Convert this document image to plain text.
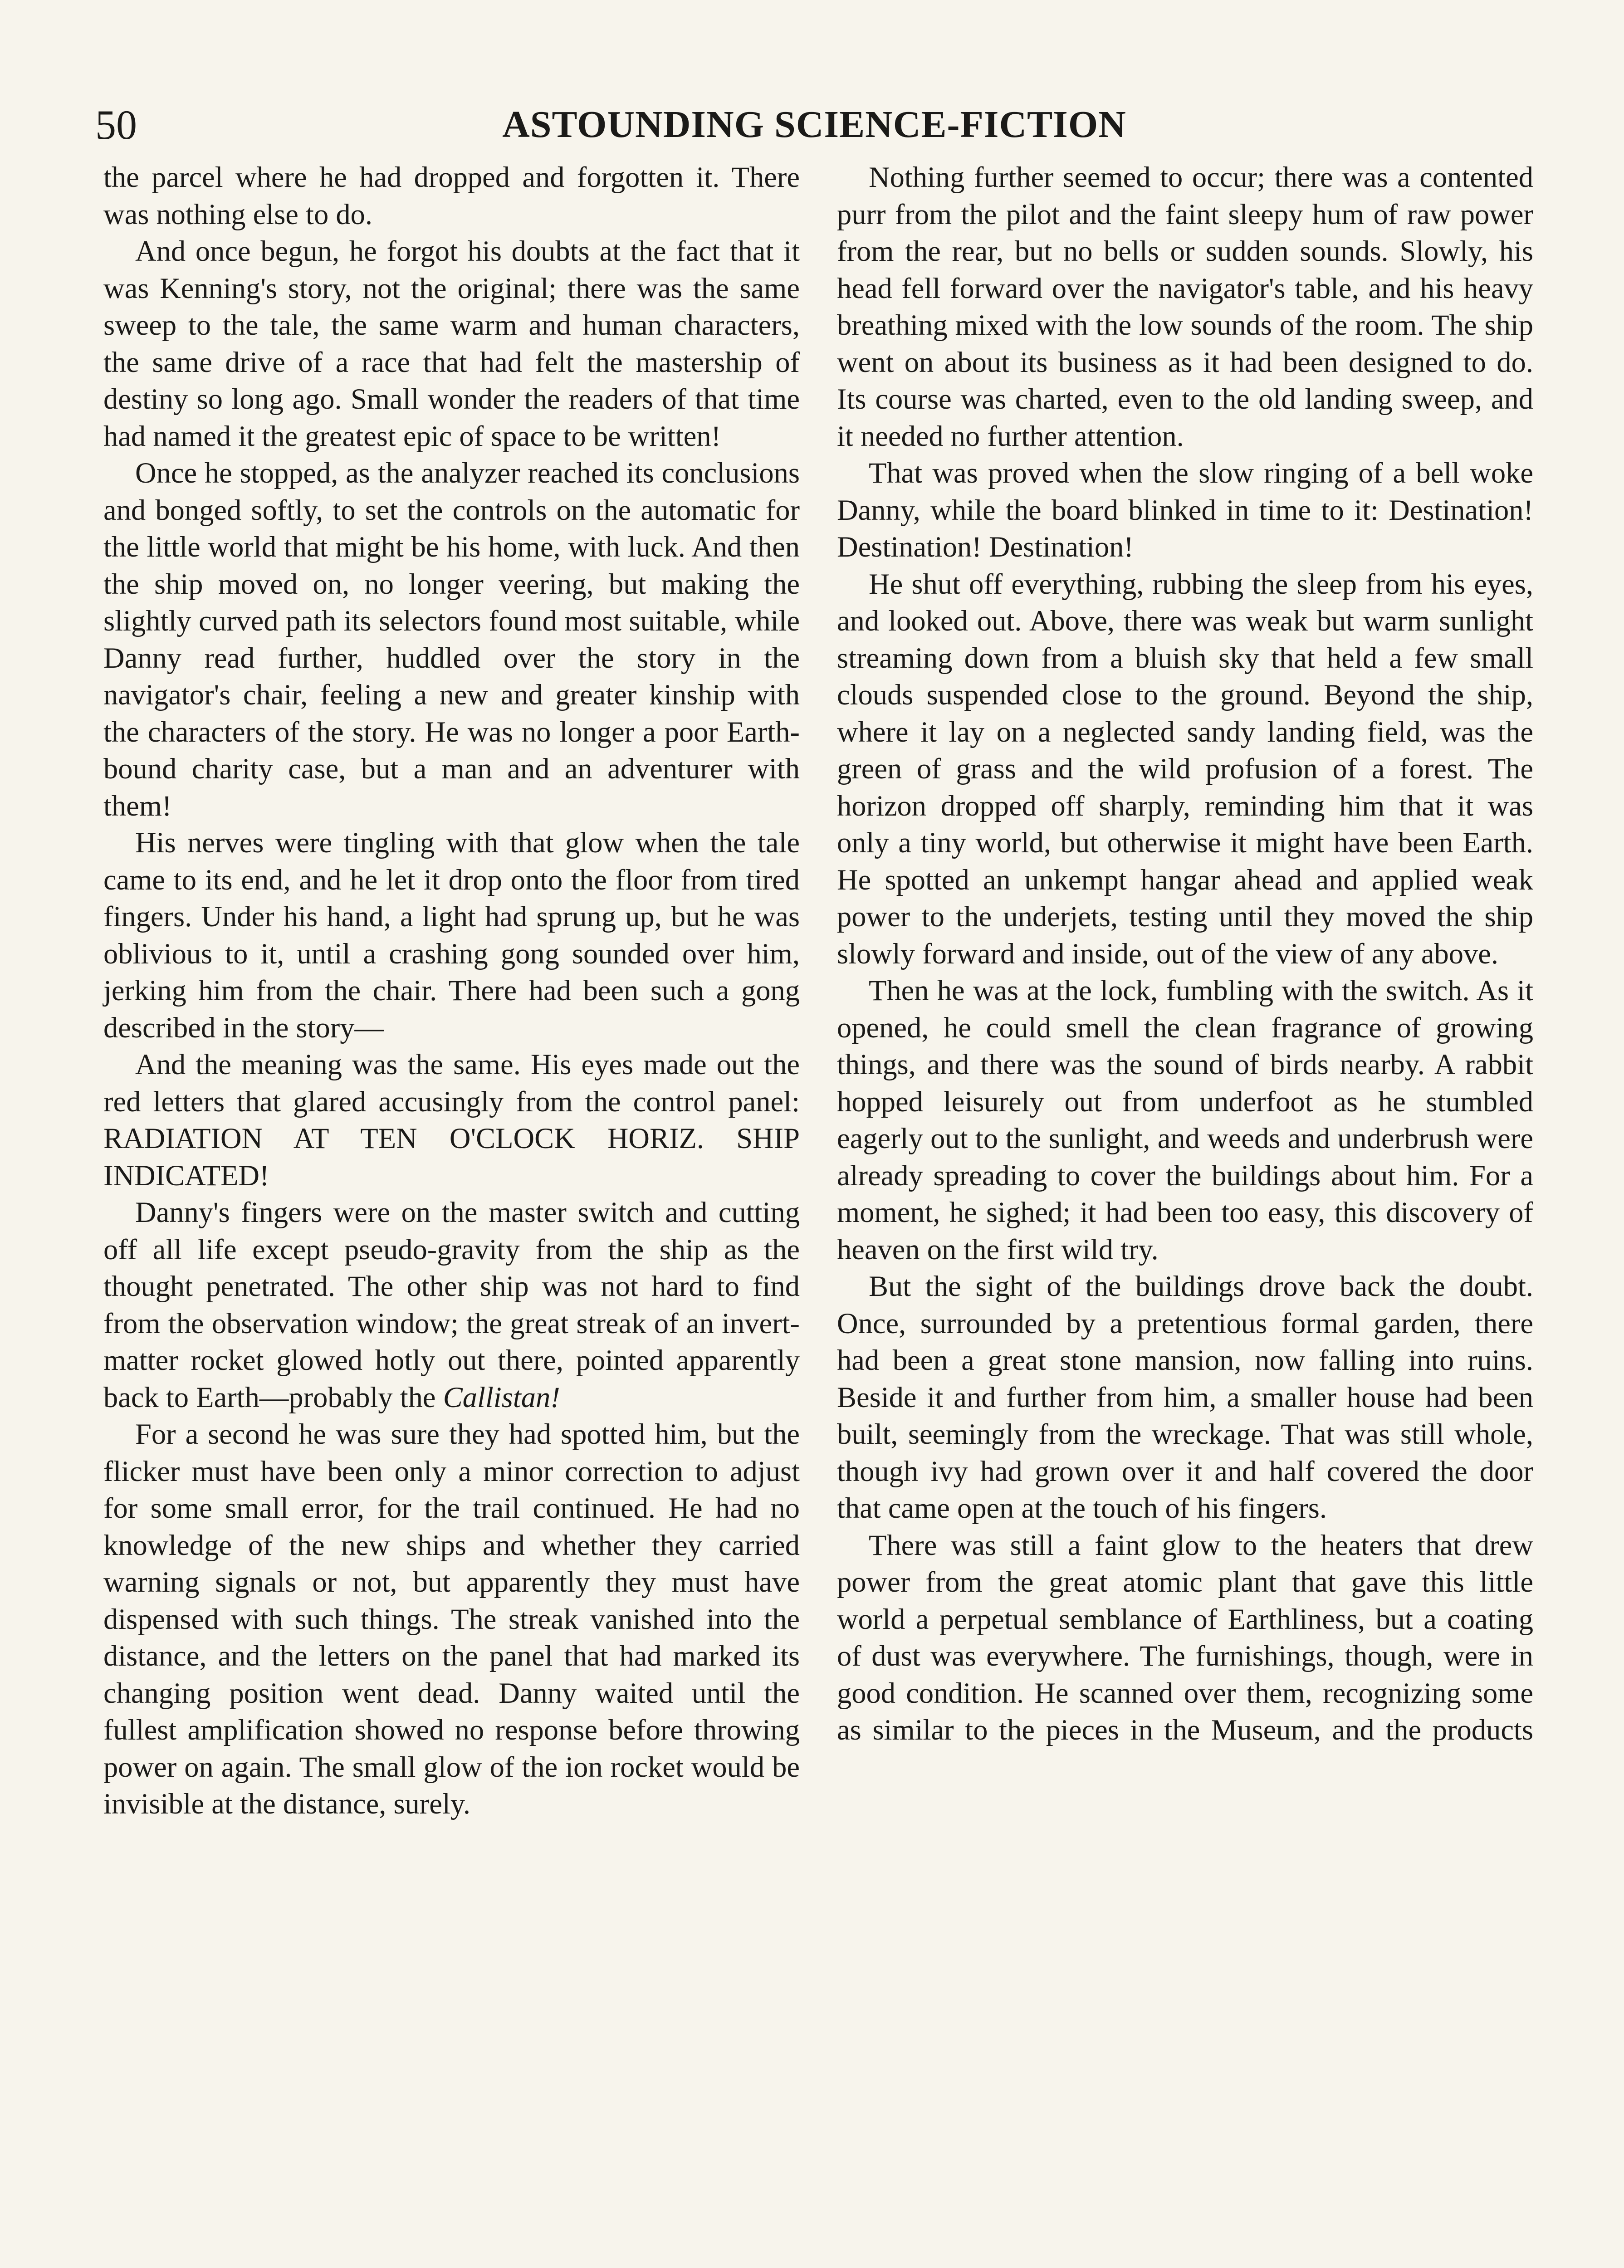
50	ASTOUNDING SCIENCE-FICTION

the parcel where he had dropped and forgotten it. There was nothing else to do.

And once begun, he forgot his doubts at the fact that it was Kenning's story, not the original; there was the same sweep to the tale, the same warm and human characters, the same drive of a race that had felt the mastership of destiny so long ago. Small wonder the readers of that time had named it the greatest epic of space to be written!

Once he stopped, as the analyzer reached its conclusions and bonged softly, to set the controls on the automatic for the little world that might be his home, with luck. And then the ship moved on, no longer veering, but making the slightly curved path its selectors found most suitable, while Danny read further, huddled over the story in the navigator's chair, feeling a new and greater kinship with the characters of the story. He was no longer a poor Earth-bound charity case, but a man and an adventurer with them!

His nerves were tingling with that glow when the tale came to its end, and he let it drop onto the floor from tired fingers. Under his hand, a light had sprung up, but he was oblivious to it, until a crashing gong sounded over him, jerking him from the chair. There had been such a gong described in the story—

And the meaning was the same. His eyes made out the red letters that glared accusingly from the control panel: RADIATION AT TEN O'CLOCK HORIZ. SHIP INDICATED!

Danny's fingers were on the master switch and cutting off all life except pseudo-gravity from the ship as the thought penetrated. The other ship was not hard to find from the observation window; the great streak of an invert-matter rocket glowed hotly out there, pointed apparently back to Earth—probably the Callistan!

For a second he was sure they had spotted him, but the flicker must have been only a minor correction to adjust for some small error, for the trail continued. He had no knowledge of the new ships and whether they carried warning signals or not, but apparently they must have dispensed with such things. The streak vanished into the distance, and the letters on the panel that had marked its changing position went dead. Danny waited until the fullest amplification showed no response before throwing power on again. The small glow of the ion rocket would be invisible at the distance, surely.

Nothing further seemed to occur; there was a contented purr from the pilot and the faint sleepy hum of raw power from the rear, but no bells or sudden sounds. Slowly, his head fell forward over the navigator's table, and his heavy breathing mixed with the low sounds of the room. The ship went on about its business as it had been designed to do. Its course was charted, even to the old landing sweep, and it needed no further attention.

That was proved when the slow ringing of a bell woke Danny, while the board blinked in time to it: Destination! Destination! Destination!

He shut off everything, rubbing the sleep from his eyes, and looked out. Above, there was weak but warm sunlight streaming down from a bluish sky that held a few small clouds suspended close to the ground. Beyond the ship, where it lay on a neglected sandy landing field, was the green of grass and the wild profusion of a forest. The horizon dropped off sharply, reminding him that it was only a tiny world, but otherwise it might have been Earth. He spotted an unkempt hangar ahead and applied weak power to the underjets, testing until they moved the ship slowly forward and inside, out of the view of any above.

Then he was at the lock, fumbling with the switch. As it opened, he could smell the clean fragrance of growing things, and there was the sound of birds nearby. A rabbit hopped leisurely out from underfoot as he stumbled eagerly out to the sunlight, and weeds and underbrush were already spreading to cover the buildings about him. For a moment, he sighed; it had been too easy, this discovery of heaven on the first wild try.

But the sight of the buildings drove back the doubt. Once, surrounded by a pretentious formal garden, there had been a great stone mansion, now falling into ruins. Beside it and further from him, a smaller house had been built, seemingly from the wreckage. That was still whole, though ivy had grown over it and half covered the door that came open at the touch of his fingers.

There was still a faint glow to the heaters that drew power from the great atomic plant that gave this little world a perpetual semblance of Earthliness, but a coating of dust was everywhere. The furnishings, though, were in good condition. He scanned over them, recognizing some as similar to the pieces in the Museum, and the products
